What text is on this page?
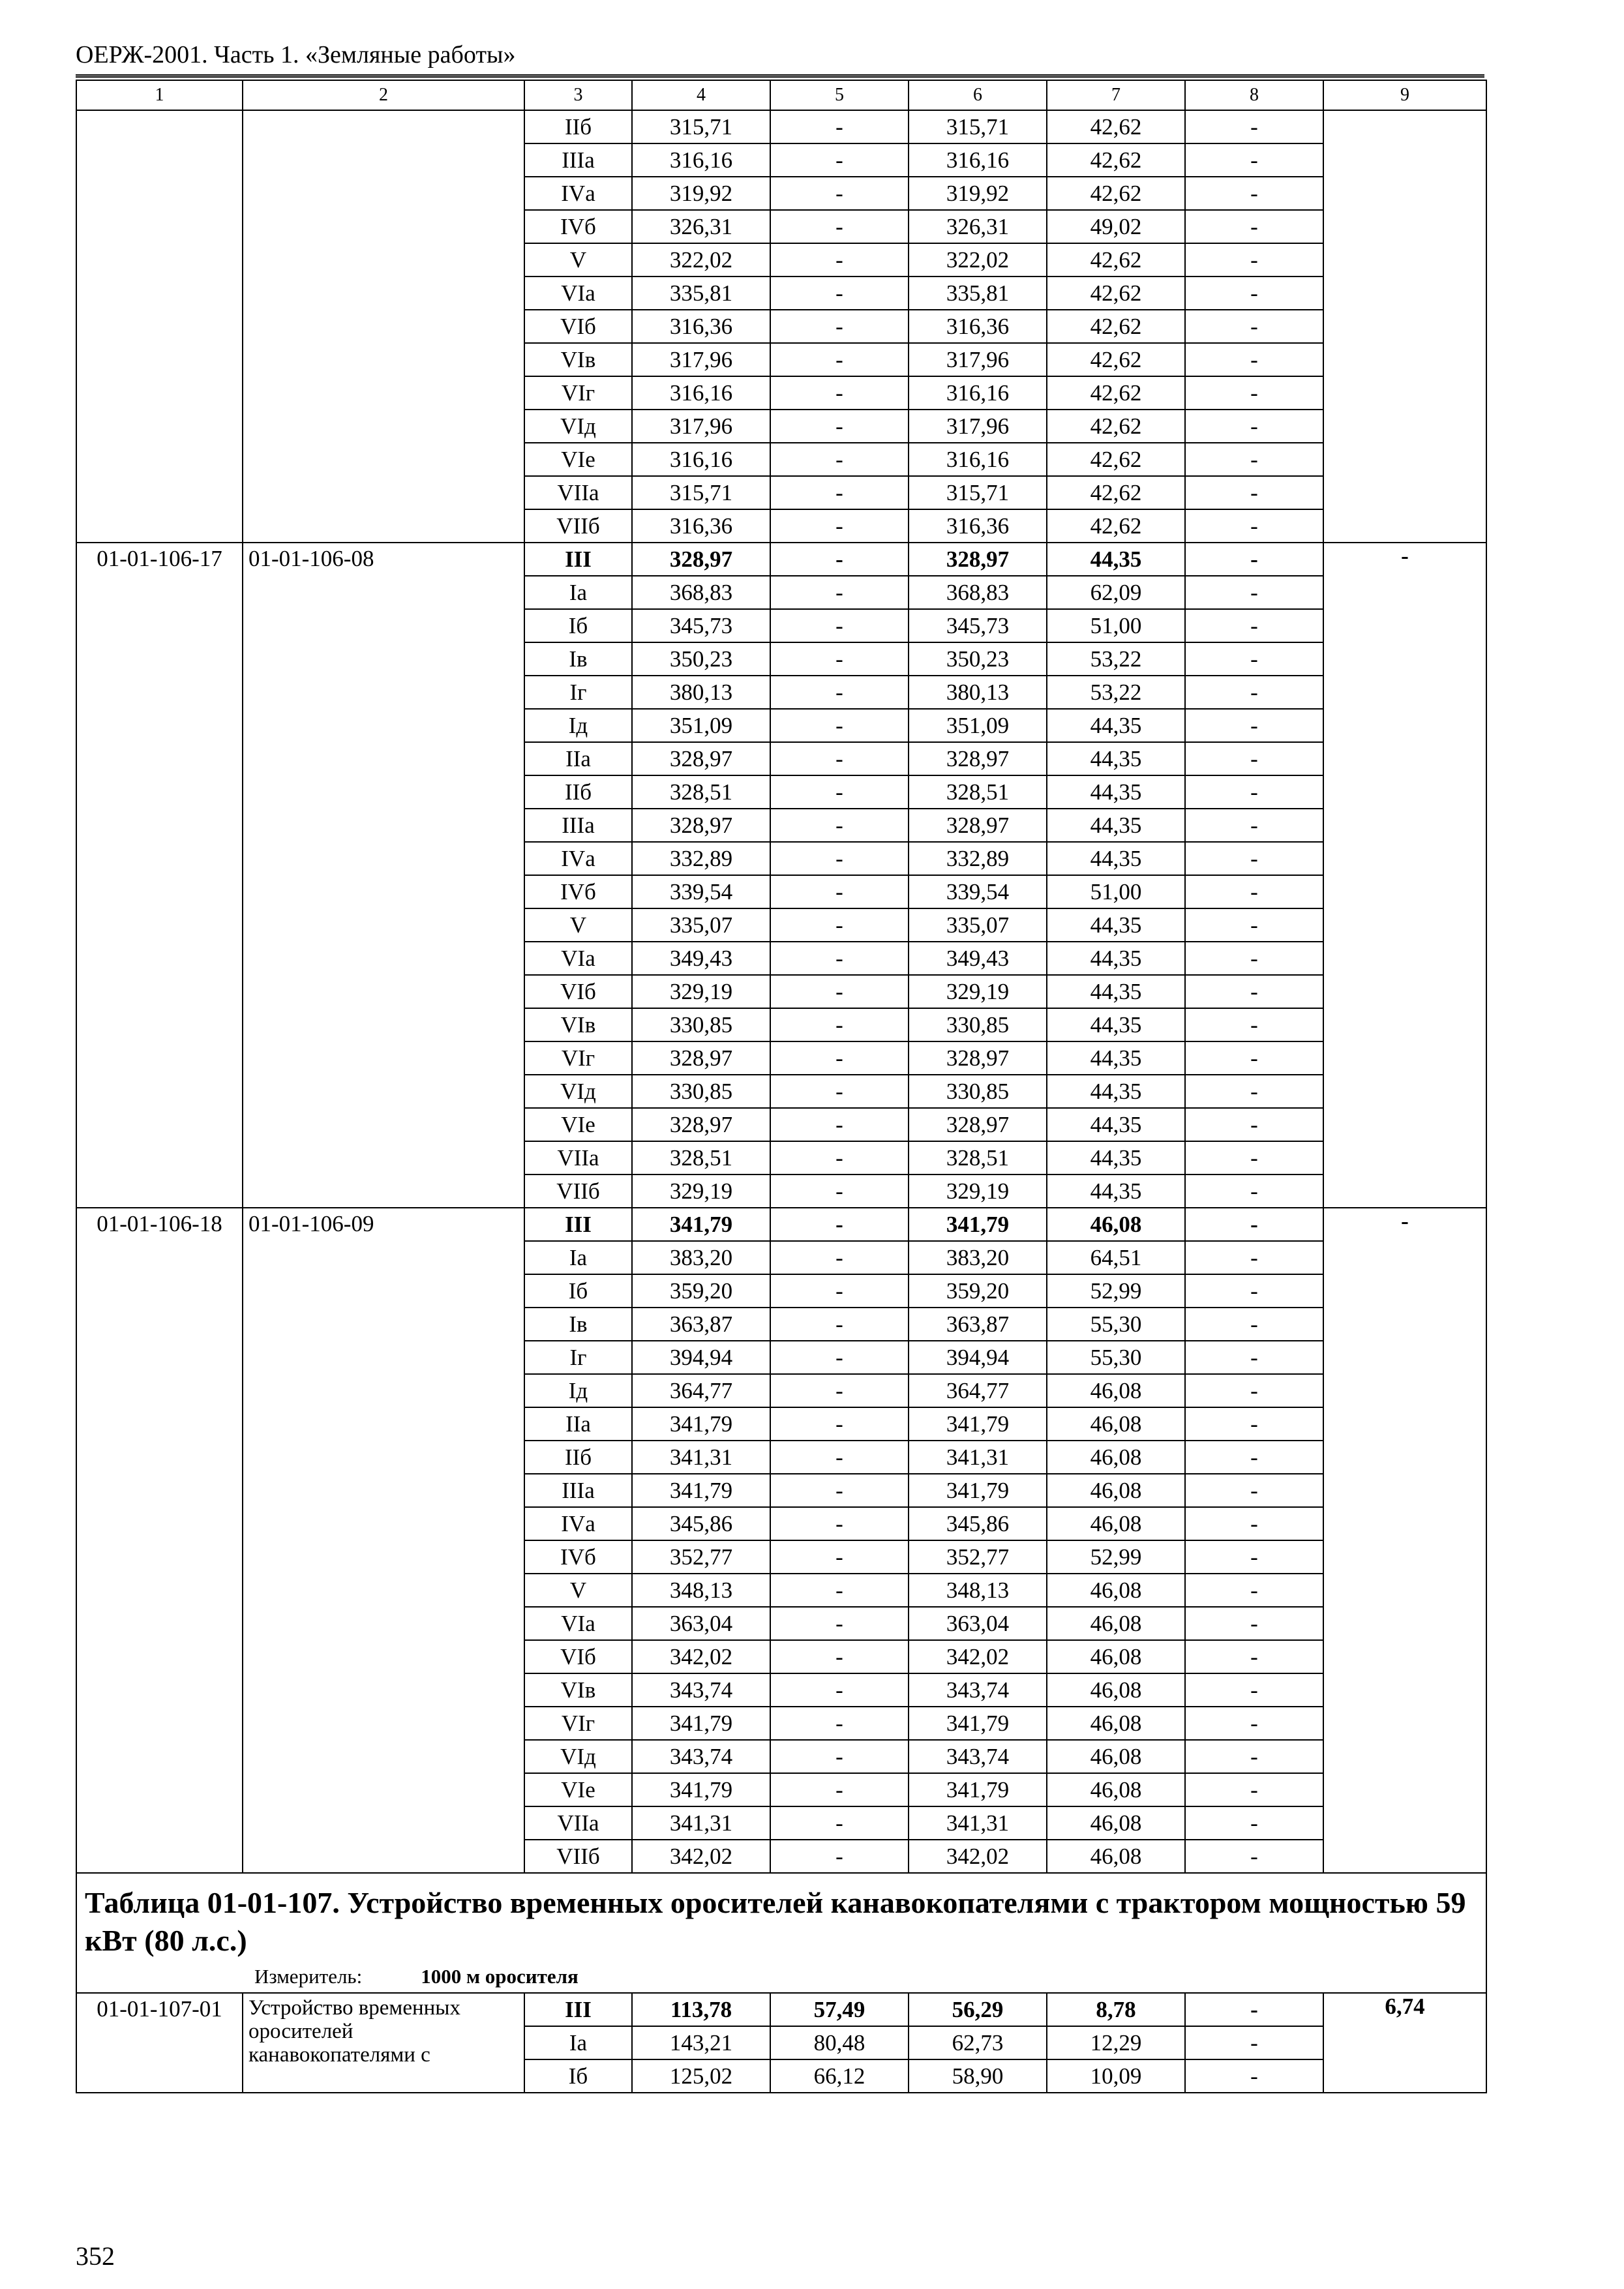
ОЕРЖ-2001. Часть 1. «Земляные работы»
1	2	3	4	5	6	7	8	9
		IIб	315,71	-	315,71	42,62	-	
		IIIа	316,16	-	316,16	42,62	-	
		IVа	319,92	-	319,92	42,62	-	
		IVб	326,31	-	326,31	49,02	-	
		V	322,02	-	322,02	42,62	-	
		VIа	335,81	-	335,81	42,62	-	
		VIб	316,36	-	316,36	42,62	-	
		VIв	317,96	-	317,96	42,62	-	
		VIг	316,16	-	316,16	42,62	-	
		VIд	317,96	-	317,96	42,62	-	
		VIе	316,16	-	316,16	42,62	-	
		VIIа	315,71	-	315,71	42,62	-	
		VIIб	316,36	-	316,36	42,62	-	
01-01-106-17	01-01-106-08	III	328,97	-	328,97	44,35	-	-
		Iа	368,83	-	368,83	62,09	-	
		Iб	345,73	-	345,73	51,00	-	
		Iв	350,23	-	350,23	53,22	-	
		Iг	380,13	-	380,13	53,22	-	
		Iд	351,09	-	351,09	44,35	-	
		IIа	328,97	-	328,97	44,35	-	
		IIб	328,51	-	328,51	44,35	-	
		IIIа	328,97	-	328,97	44,35	-	
		IVа	332,89	-	332,89	44,35	-	
		IVб	339,54	-	339,54	51,00	-	
		V	335,07	-	335,07	44,35	-	
		VIа	349,43	-	349,43	44,35	-	
		VIб	329,19	-	329,19	44,35	-	
		VIв	330,85	-	330,85	44,35	-	
		VIг	328,97	-	328,97	44,35	-	
		VIд	330,85	-	330,85	44,35	-	
		VIе	328,97	-	328,97	44,35	-	
		VIIа	328,51	-	328,51	44,35	-	
		VIIб	329,19	-	329,19	44,35	-	
01-01-106-18	01-01-106-09	III	341,79	-	341,79	46,08	-	-
		Iа	383,20	-	383,20	64,51	-	
		Iб	359,20	-	359,20	52,99	-	
		Iв	363,87	-	363,87	55,30	-	
		Iг	394,94	-	394,94	55,30	-	
		Iд	364,77	-	364,77	46,08	-	
		IIа	341,79	-	341,79	46,08	-	
		IIб	341,31	-	341,31	46,08	-	
		IIIа	341,79	-	341,79	46,08	-	
		IVа	345,86	-	345,86	46,08	-	
		IVб	352,77	-	352,77	52,99	-	
		V	348,13	-	348,13	46,08	-	
		VIа	363,04	-	363,04	46,08	-	
		VIб	342,02	-	342,02	46,08	-	
		VIв	343,74	-	343,74	46,08	-	
		VIг	341,79	-	341,79	46,08	-	
		VIд	343,74	-	343,74	46,08	-	
		VIе	341,79	-	341,79	46,08	-	
		VIIа	341,31	-	341,31	46,08	-	
		VIIб	342,02	-	342,02	46,08	-	

Таблица 01-01-107. Устройство временных оросителей канавокопателями с трактором мощностью 59 кВт (80 л.с.)
Измеритель: 1000 м оросителя								

01-01-107-01	Устройство временных оросителей канавокопателями с	III	113,78	57,49	56,29	8,78	-	6,74
		Iа	143,21	80,48	62,73	12,29	-	
		Iб	125,02	66,12	58,90	10,09	-	
352
